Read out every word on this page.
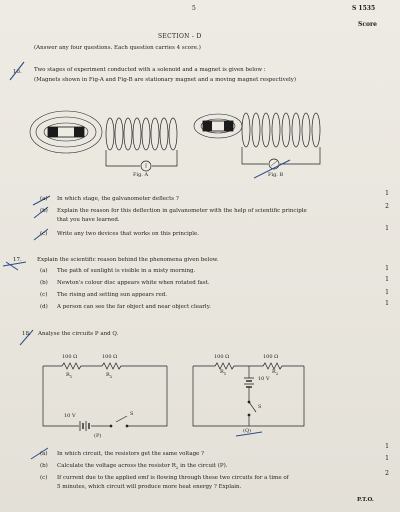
5	S 1535
Score
SECTION - D
(Answer any four questions. Each question carries 4 score.)
16. Two stages of experiment conducted with a solenoid and a magnet is given below :
(Magnets shown in Fig-A and Fig-B are stationary magnet and a moving magnet respectively)
Fig. A	Fig. B
(a) In which stage, the galvanometer deflects ?
1
(b) Explain the reason for this deflection in galvanometer with the help of scientific principle
that you have learned.
2
(c) Write any two devices that works on this principle.
1
17.	Explain the scientific reason behind the phenomena given below.
(a) The path of sunlight is visible in a misty morning.	1
(b) Newton's colour disc appears white when rotated fast.	1
(c) The rising and setting sun appears red.	1
(d) A person can see the far object and near object clearly.	1
18. Analyse the circuits P and Q.
100 Ω	100 Ω
$R_1$	$R_2$
10 V	S
(P)
100 Ω	100 Ω
$R_1$	$R_2$
10 V
S
(Q)
(a) In which circuit, the resistors get the same voltage ?
1
(b) Calculate the voltage across the resistor $R_2$ in the circuit (P).
1
(c) If current due to the applied emf is flowing through these two circuits for a time of
5 minutes, which circuit will produce more heat energy ? Explain.
2
P.T.O.
